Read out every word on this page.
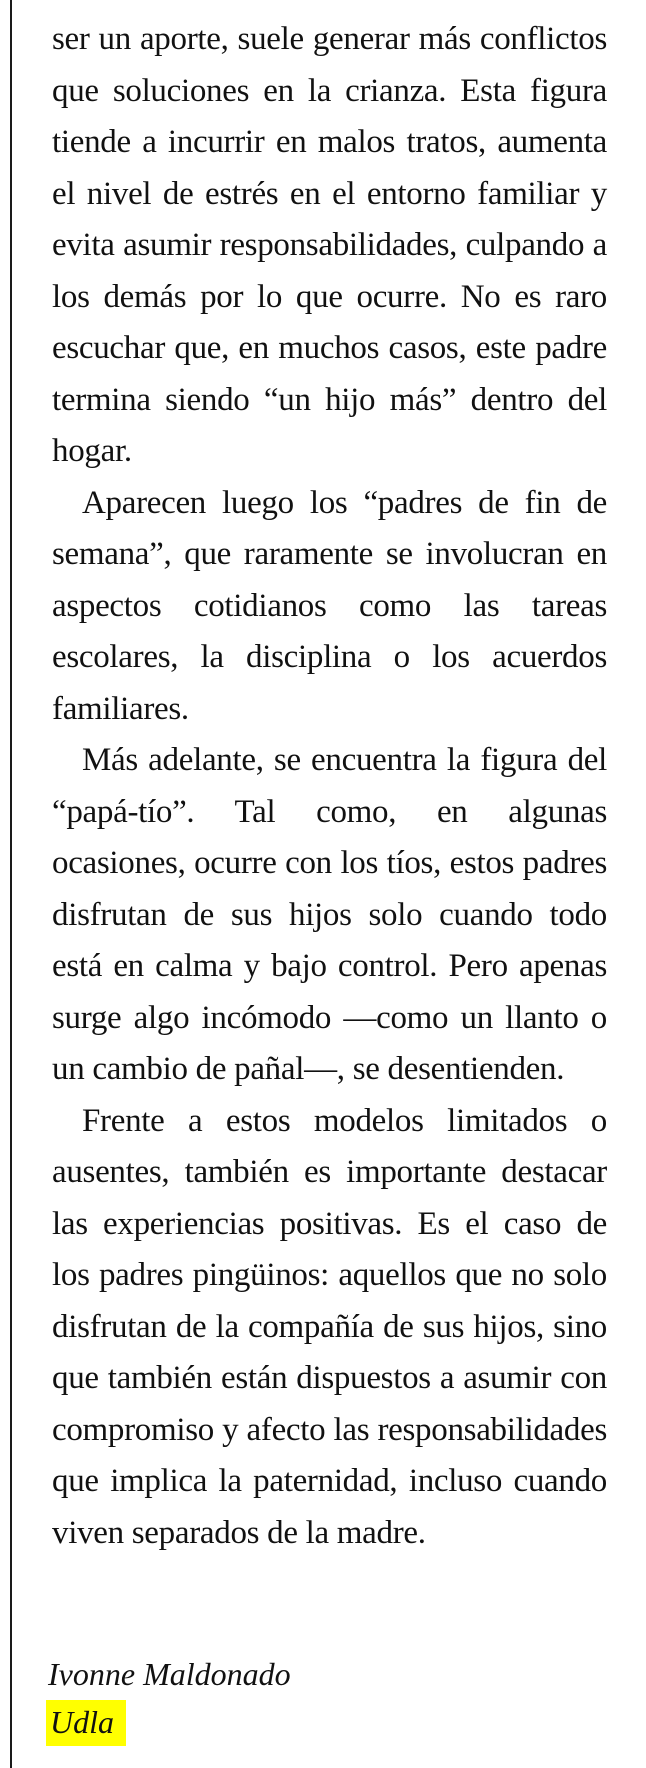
ser un aporte, suele generar más conflictos que soluciones en la crianza. Esta figura tiende a incurrir en malos tratos, aumenta el nivel de estrés en el entorno familiar y evita asumir responsabilidades, culpando a los demás por lo que ocurre. No es raro escuchar que, en muchos casos, este padre termina siendo “un hijo más” dentro del hogar.

Aparecen luego los “padres de fin de semana”, que raramente se involucran en aspectos cotidianos como las tareas escolares, la disciplina o los acuerdos familiares.

Más adelante, se encuentra la figura del “papá-tío”. Tal como, en algunas ocasiones, ocurre con los tíos, estos padres disfrutan de sus hijos solo cuando todo está en calma y bajo control. Pero apenas surge algo incómodo —como un llanto o un cambio de pañal—, se desentienden.

Frente a estos modelos limitados o ausentes, también es importante destacar las experiencias positivas. Es el caso de los padres pingüinos: aquellos que no solo disfrutan de la compañía de sus hijos, sino que también están dispuestos a asumir con compromiso y afecto las responsabilidades que implica la paternidad, incluso cuando viven separados de la madre.

Ivonne Maldonado
Udla
